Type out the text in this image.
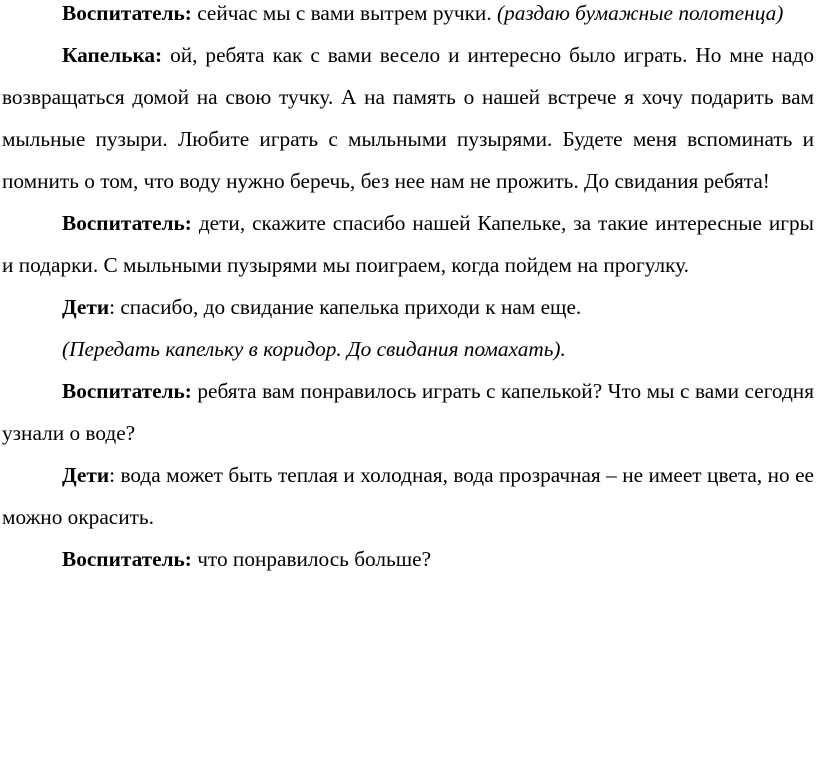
Воспитатель: сейчас мы с вами вытрем ручки. (раздаю бумажные полотенца)

Капелька: ой, ребята как с вами весело и интересно было играть. Но мне надо возвращаться домой на свою тучку. А на память о нашей встрече я хочу подарить вам мыльные пузыри. Любите играть с мыльными пузырями. Будете меня вспоминать и помнить о том, что воду нужно беречь, без нее нам не прожить. До свидания ребята!

Воспитатель: дети, скажите спасибо нашей Капельке, за такие интересные игры и подарки. С мыльными пузырями мы поиграем, когда пойдем на прогулку.

Дети: спасибо, до свидание капелька приходи к нам еще.

(Передать капельку в коридор. До свидания помахать).

Воспитатель: ребята вам понравилось играть с капелькой? Что мы с вами сегодня узнали о воде?

Дети: вода может быть теплая и холодная, вода прозрачная – не имеет цвета, но ее можно окрасить.

Воспитатель: что понравилось больше?
